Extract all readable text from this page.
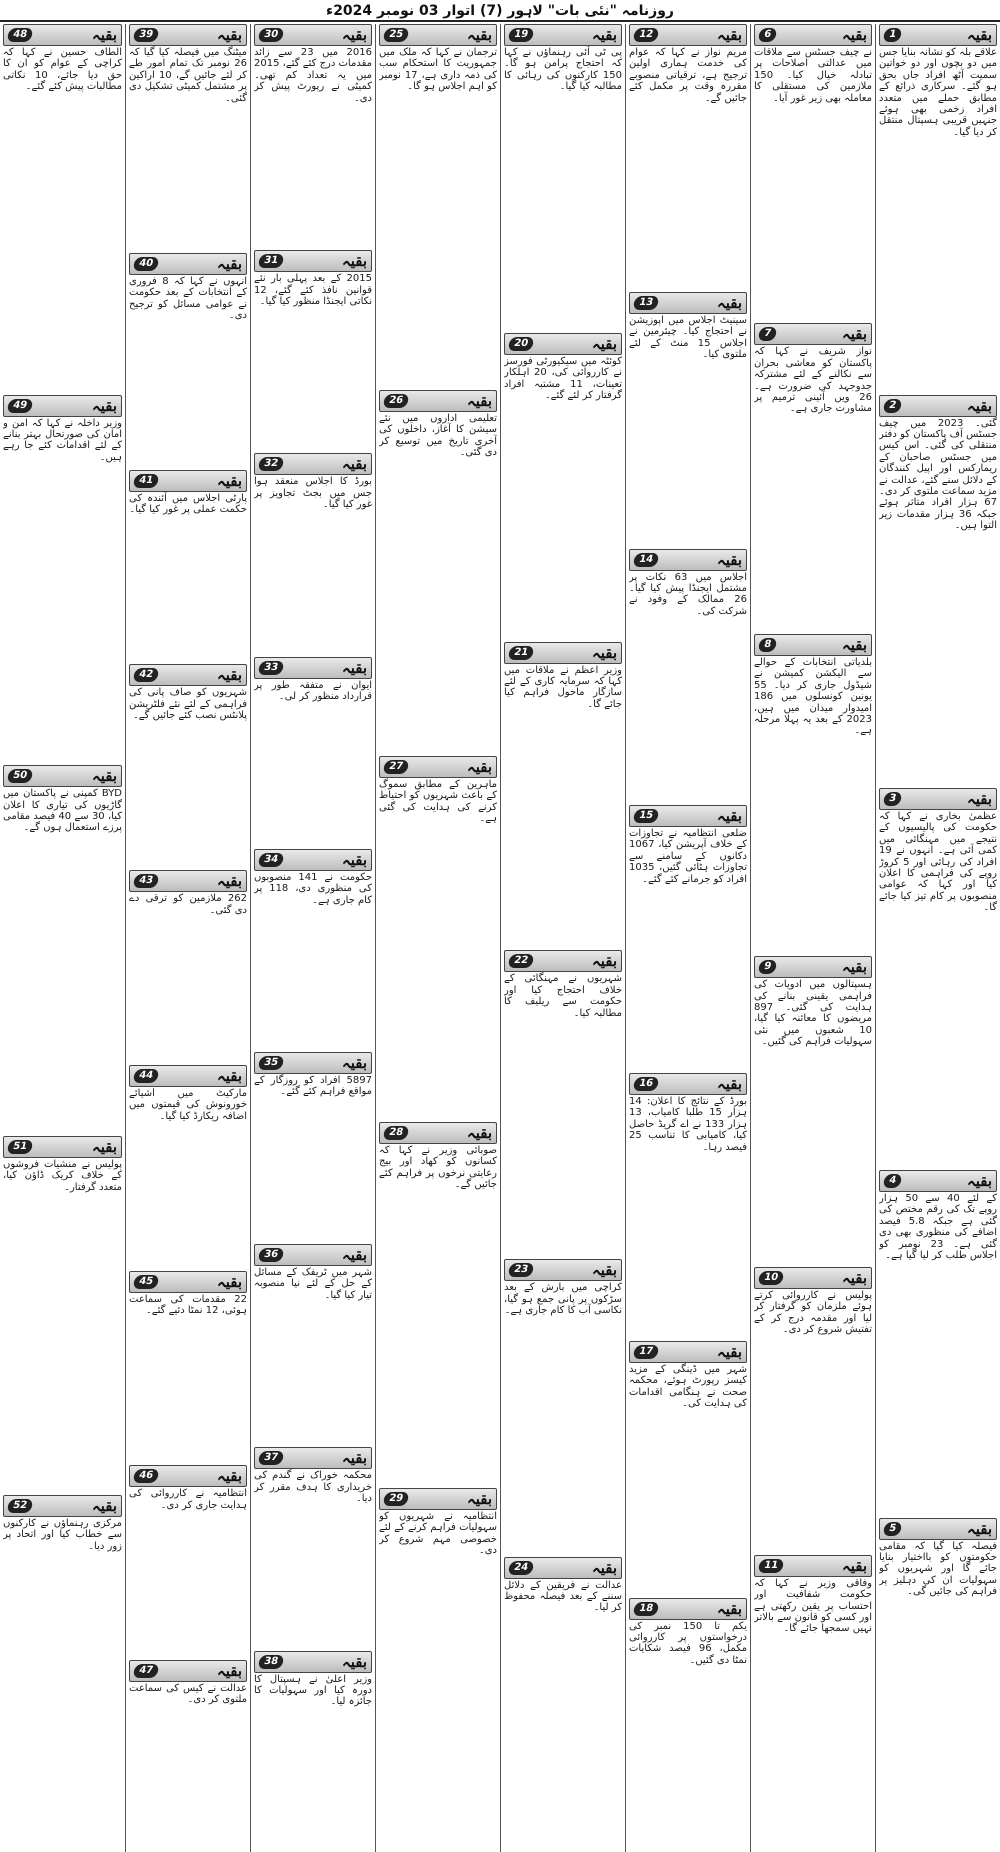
روزنامہ "نئی بات" لاہور (7) اتوار 03 نومبر 2024ء
بقیہ
1
علاقے بلہ کو نشانہ بنایا جس میں دو بچوں اور دو خواتین سمیت آٹھ افراد جاں بحق ہو گئے۔ سرکاری ذرائع کے مطابق حملے میں متعدد افراد زخمی بھی ہوئے جنہیں قریبی ہسپتال منتقل کر دیا گیا۔
بقیہ
2
گئی۔ 2023 میں چیف جسٹس آف پاکستان کو دفتر منتقلی کی گئی۔ اس کیس میں جسٹس صاحبان کے ریمارکس اور اپیل کنندگان کے دلائل سنے گئے، عدالت نے مزید سماعت ملتوی کر دی۔ 67 ہزار افراد متاثر ہوئے جبکہ 36 ہزار مقدمات زیر التوا ہیں۔
بقیہ
3
عظمیٰ بخاری نے کہا کہ حکومت کی پالیسیوں کے نتیجے میں مہنگائی میں کمی آئی ہے۔ انہوں نے 19 افراد کی رہائی اور 5 کروڑ روپے کی فراہمی کا اعلان کیا اور کہا کہ عوامی منصوبوں پر کام تیز کیا جائے گا۔
بقیہ
4
کے لئے 40 سے 50 ہزار روپے تک کی رقم مختص کی گئی ہے جبکہ 5.8 فیصد اضافے کی منظوری بھی دی گئی ہے۔ 23 نومبر کو اجلاس طلب کر لیا گیا ہے۔
بقیہ
5
فیصلہ کیا گیا کہ مقامی حکومتوں کو بااختیار بنایا جائے گا اور شہریوں کو سہولیات ان کی دہلیز پر فراہم کی جائیں گی۔
بقیہ
6
نے چیف جسٹس سے ملاقات میں عدالتی اصلاحات پر تبادلہ خیال کیا۔ 150 ملازمین کی مستقلی کا معاملہ بھی زیر غور آیا۔
بقیہ
7
نواز شریف نے کہا کہ پاکستان کو معاشی بحران سے نکالنے کے لئے مشترکہ جدوجہد کی ضرورت ہے۔ 26 ویں آئینی ترمیم پر مشاورت جاری ہے۔
بقیہ
8
بلدیاتی انتخابات کے حوالے سے الیکشن کمیشن نے شیڈول جاری کر دیا۔ 55 یونین کونسلوں میں 186 امیدوار میدان میں ہیں، 2023 کے بعد یہ پہلا مرحلہ ہے۔
بقیہ
9
ہسپتالوں میں ادویات کی فراہمی یقینی بنانے کی ہدایت کی گئی۔ 897 مریضوں کا معائنہ کیا گیا، 10 شعبوں میں نئی سہولیات فراہم کی گئیں۔
بقیہ
10
پولیس نے کارروائی کرتے ہوئے ملزمان کو گرفتار کر لیا اور مقدمہ درج کر کے تفتیش شروع کر دی۔
بقیہ
11
وفاقی وزیر نے کہا کہ حکومت شفافیت اور احتساب پر یقین رکھتی ہے اور کسی کو قانون سے بالاتر نہیں سمجھا جائے گا۔
بقیہ
12
مریم نواز نے کہا کہ عوام کی خدمت ہماری اولین ترجیح ہے، ترقیاتی منصوبے مقررہ وقت پر مکمل کئے جائیں گے۔
بقیہ
13
سینیٹ اجلاس میں اپوزیشن نے احتجاج کیا۔ چیئرمین نے اجلاس 15 منٹ کے لئے ملتوی کیا۔
بقیہ
14
اجلاس میں 63 نکات پر مشتمل ایجنڈا پیش کیا گیا۔ 26 ممالک کے وفود نے شرکت کی۔
بقیہ
15
ضلعی انتظامیہ نے تجاوزات کے خلاف آپریشن کیا، 1067 دکانوں کے سامنے سے تجاوزات ہٹائی گئیں، 1035 افراد کو جرمانے کئے گئے۔
بقیہ
16
بورڈ کے نتائج کا اعلان: 14 ہزار 15 طلبا کامیاب، 13 ہزار 133 نے اے گریڈ حاصل کیا، کامیابی کا تناسب 25 فیصد رہا۔
بقیہ
17
شہر میں ڈینگی کے مزید کیسز رپورٹ ہوئے، محکمہ صحت نے ہنگامی اقدامات کی ہدایت کی۔
بقیہ
18
یکم تا 150 نمبر کی درخواستوں پر کارروائی مکمل، 96 فیصد شکایات نمٹا دی گئیں۔
بقیہ
19
پی ٹی آئی رہنماؤں نے کہا کہ احتجاج پرامن ہو گا۔ 150 کارکنوں کی رہائی کا مطالبہ کیا گیا۔
بقیہ
20
کوئٹہ میں سیکیورٹی فورسز نے کارروائی کی، 20 اہلکار تعینات، 11 مشتبہ افراد گرفتار کر لئے گئے۔
بقیہ
21
وزیر اعظم نے ملاقات میں کہا کہ سرمایہ کاری کے لئے سازگار ماحول فراہم کیا جائے گا۔
بقیہ
22
شہریوں نے مہنگائی کے خلاف احتجاج کیا اور حکومت سے ریلیف کا مطالبہ کیا۔
بقیہ
23
کراچی میں بارش کے بعد سڑکوں پر پانی جمع ہو گیا، نکاسی آب کا کام جاری ہے۔
بقیہ
24
عدالت نے فریقین کے دلائل سننے کے بعد فیصلہ محفوظ کر لیا۔
بقیہ
25
ترجمان نے کہا کہ ملک میں جمہوریت کا استحکام سب کی ذمہ داری ہے، 17 نومبر کو اہم اجلاس ہو گا۔
بقیہ
26
تعلیمی اداروں میں نئے سیشن کا آغاز، داخلوں کی آخری تاریخ میں توسیع کر دی گئی۔
بقیہ
27
ماہرین کے مطابق سموگ کے باعث شہریوں کو احتیاط کرنے کی ہدایت کی گئی ہے۔
بقیہ
28
صوبائی وزیر نے کہا کہ کسانوں کو کھاد اور بیج رعایتی نرخوں پر فراہم کئے جائیں گے۔
بقیہ
29
انتظامیہ نے شہریوں کو سہولیات فراہم کرنے کے لئے خصوصی مہم شروع کر دی۔
بقیہ
30
2016 میں 23 سے زائد مقدمات درج کئے گئے، 2015 میں یہ تعداد کم تھی۔ کمیٹی نے رپورٹ پیش کر دی۔
بقیہ
31
2015 کے بعد پہلی بار نئے قوانین نافذ کئے گئے، 12 نکاتی ایجنڈا منظور کیا گیا۔
بقیہ
32
بورڈ کا اجلاس منعقد ہوا جس میں بجٹ تجاویز پر غور کیا گیا۔
بقیہ
33
ایوان نے متفقہ طور پر قرارداد منظور کر لی۔
بقیہ
34
حکومت نے 141 منصوبوں کی منظوری دی، 118 پر کام جاری ہے۔
بقیہ
35
5897 افراد کو روزگار کے مواقع فراہم کئے گئے۔
بقیہ
36
شہر میں ٹریفک کے مسائل کے حل کے لئے نیا منصوبہ تیار کیا گیا۔
بقیہ
37
محکمہ خوراک نے گندم کی خریداری کا ہدف مقرر کر دیا۔
بقیہ
38
وزیر اعلیٰ نے ہسپتال کا دورہ کیا اور سہولیات کا جائزہ لیا۔
بقیہ
39
میٹنگ میں فیصلہ کیا گیا کہ 26 نومبر تک تمام امور طے کر لئے جائیں گے، 10 اراکین پر مشتمل کمیٹی تشکیل دی گئی۔
بقیہ
40
انہوں نے کہا کہ 8 فروری کے انتخابات کے بعد حکومت نے عوامی مسائل کو ترجیح دی۔
بقیہ
41
پارٹی اجلاس میں آئندہ کی حکمت عملی پر غور کیا گیا۔
بقیہ
42
شہریوں کو صاف پانی کی فراہمی کے لئے نئے فلٹریشن پلانٹس نصب کئے جائیں گے۔
بقیہ
43
262 ملازمین کو ترقی دے دی گئی۔
بقیہ
44
مارکیٹ میں اشیائے خورونوش کی قیمتوں میں اضافہ ریکارڈ کیا گیا۔
بقیہ
45
22 مقدمات کی سماعت ہوئی، 12 نمٹا دئیے گئے۔
بقیہ
46
انتظامیہ نے کارروائی کی ہدایت جاری کر دی۔
بقیہ
47
عدالت نے کیس کی سماعت ملتوی کر دی۔
بقیہ
48
الطاف حسین نے کہا کہ کراچی کے عوام کو ان کا حق دیا جائے، 10 نکاتی مطالبات پیش کئے گئے۔
بقیہ
49
وزیر داخلہ نے کہا کہ امن و امان کی صورتحال بہتر بنانے کے لئے اقدامات کئے جا رہے ہیں۔
بقیہ
50
BYD کمپنی نے پاکستان میں گاڑیوں کی تیاری کا اعلان کیا، 30 سے 40 فیصد مقامی پرزے استعمال ہوں گے۔
بقیہ
51
پولیس نے منشیات فروشوں کے خلاف کریک ڈاؤن کیا، متعدد گرفتار۔
بقیہ
52
مرکزی رہنماؤں نے کارکنوں سے خطاب کیا اور اتحاد پر زور دیا۔
